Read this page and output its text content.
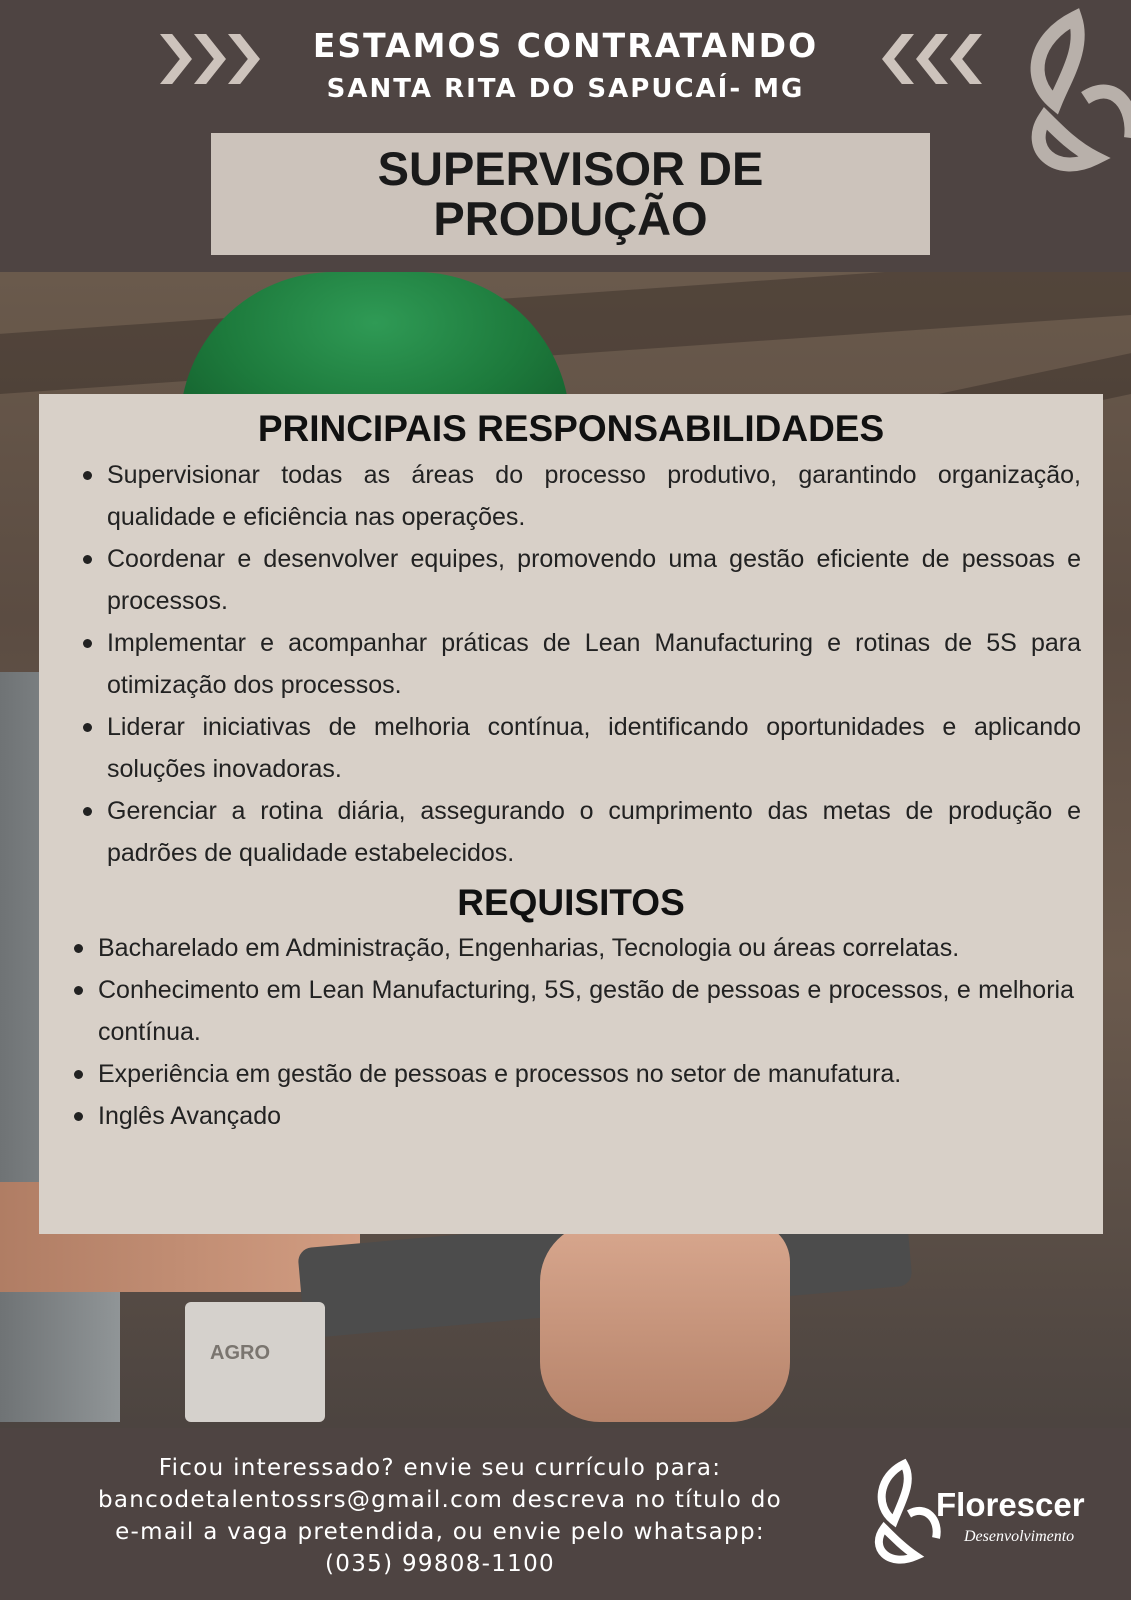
ESTAMOS CONTRATANDO
SANTA RITA DO SAPUCAÍ- MG
SUPERVISOR DE PRODUÇÃO
AGRO
PRINCIPAIS RESPONSABILIDADES
Supervisionar todas as áreas do processo produtivo, garantindo organização, qualidade e eficiência nas operações.
Coordenar e desenvolver equipes, promovendo uma gestão eficiente de pessoas e processos.
Implementar e acompanhar práticas de Lean Manufacturing e rotinas de 5S para otimização dos processos.
Liderar iniciativas de melhoria contínua, identificando oportunidades e aplicando soluções inovadoras.
Gerenciar a rotina diária, assegurando o cumprimento das metas de produção e padrões de qualidade estabelecidos.
REQUISITOS
Bacharelado em Administração, Engenharias, Tecnologia ou áreas correlatas.
Conhecimento em Lean Manufacturing, 5S, gestão de pessoas e processos, e melhoria contínua.
Experiência em gestão de pessoas e processos no setor de manufatura.
Inglês Avançado
Ficou interessado? envie seu currículo para:
bancodetalentossrs@gmail.com descreva no título do
e-mail a vaga pretendida, ou envie pelo whatsapp:
(035) 99808-1100
Florescer
Desenvolvimento
